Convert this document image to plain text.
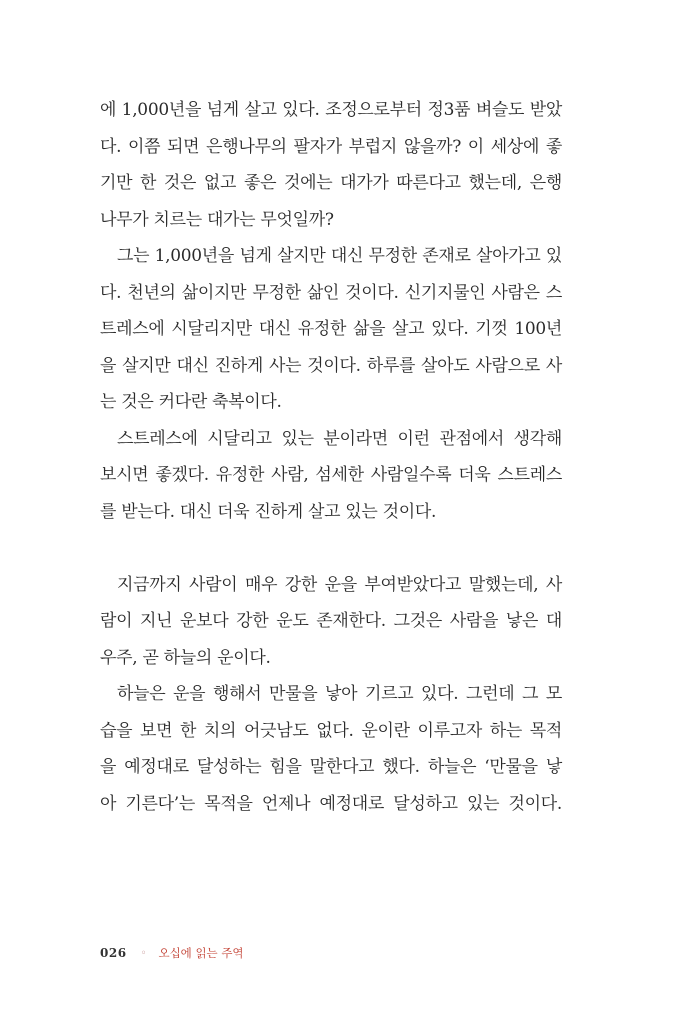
에 1,000년을 넘게 살고 있다. 조정으로부터 정3품 벼슬도 받았
다. 이쯤 되면 은행나무의 팔자가 부럽지 않을까? 이 세상에 좋
기만 한 것은 없고 좋은 것에는 대가가 따른다고 했는데, 은행
나무가 치르는 대가는 무엇일까?
그는 1,000년을 넘게 살지만 대신 무정한 존재로 살아가고 있
다. 천년의 삶이지만 무정한 삶인 것이다. 신기지물인 사람은 스
트레스에 시달리지만 대신 유정한 삶을 살고 있다. 기껏 100년
을 살지만 대신 진하게 사는 것이다. 하루를 살아도 사람으로 사
는 것은 커다란 축복이다.
스트레스에 시달리고 있는 분이라면 이런 관점에서 생각해
보시면 좋겠다. 유정한 사람, 섬세한 사람일수록 더욱 스트레스
를 받는다. 대신 더욱 진하게 살고 있는 것이다.
지금까지 사람이 매우 강한 운을 부여받았다고 말했는데, 사
람이 지닌 운보다 강한 운도 존재한다. 그것은 사람을 낳은 대
우주, 곧 하늘의 운이다.
하늘은 운을 행해서 만물을 낳아 기르고 있다. 그런데 그 모
습을 보면 한 치의 어긋남도 없다. 운이란 이루고자 하는 목적
을 예정대로 달성하는 힘을 말한다고 했다. 하늘은 ‘만물을 낳
아 기른다’는 목적을 언제나 예정대로 달성하고 있는 것이다.
026 ◦ 오십에 읽는 주역
